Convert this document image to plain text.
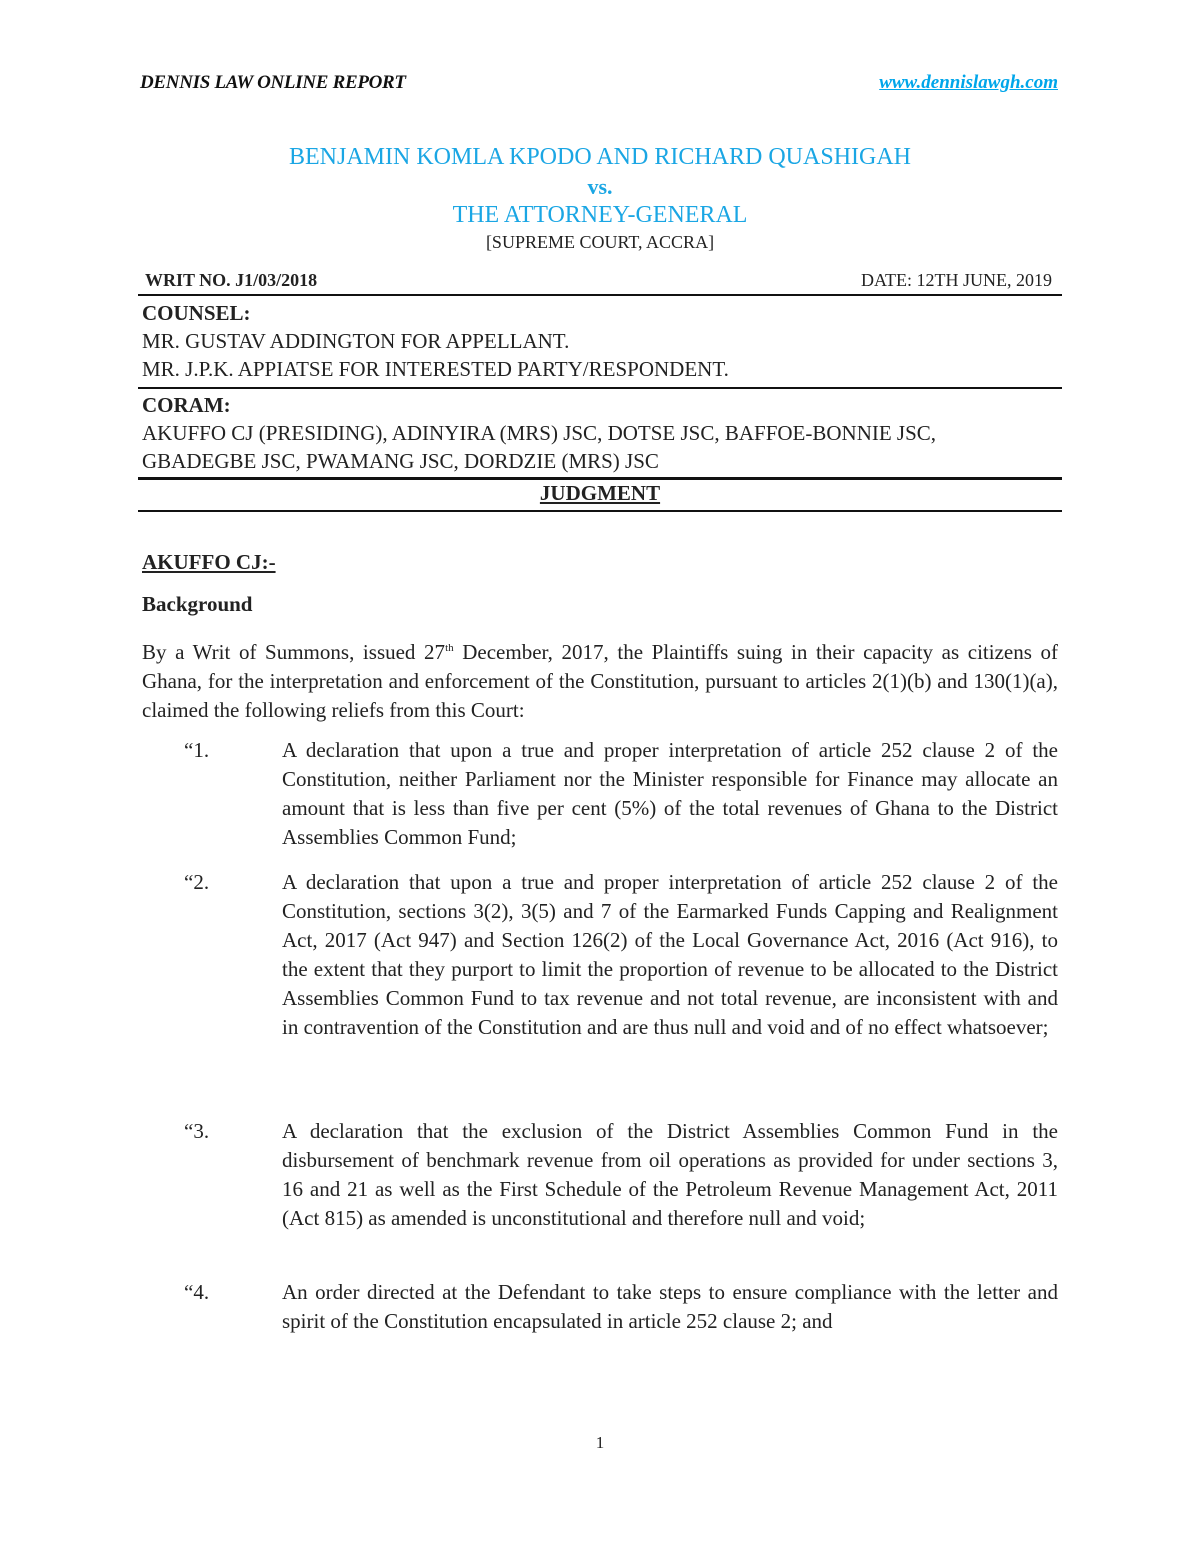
DENNIS LAW ONLINE REPORT	www.dennislawgh.com
BENJAMIN KOMLA KPODO AND RICHARD QUASHIGAH
vs.
THE ATTORNEY-GENERAL
[SUPREME COURT, ACCRA]
WRIT NO. J1/03/2018	DATE: 12TH JUNE, 2019
COUNSEL:
MR. GUSTAV ADDINGTON FOR APPELLANT.
MR. J.P.K. APPIATSE FOR INTERESTED PARTY/RESPONDENT.
CORAM:
AKUFFO CJ (PRESIDING), ADINYIRA (MRS) JSC, DOTSE JSC, BAFFOE-BONNIE JSC,
GBADEGBE JSC, PWAMANG JSC, DORDZIE (MRS) JSC
JUDGMENT
AKUFFO CJ:-
Background
By a Writ of Summons, issued 27th December, 2017, the Plaintiffs suing in their capacity as citizens of Ghana, for the interpretation and enforcement of the Constitution, pursuant to articles 2(1)(b) and 130(1)(a), claimed the following reliefs from this Court:
“1.	A declaration that upon a true and proper interpretation of article 252 clause 2 of the Constitution, neither Parliament nor the Minister responsible for Finance may allocate an amount that is less than five per cent (5%) of the total revenues of Ghana to the District Assemblies Common Fund;
“2.	A declaration that upon a true and proper interpretation of article 252 clause 2 of the Constitution, sections 3(2), 3(5) and 7 of the Earmarked Funds Capping and Realignment Act, 2017 (Act 947) and Section 126(2) of the Local Governance Act, 2016 (Act 916), to the extent that they purport to limit the proportion of revenue to be allocated to the District Assemblies Common Fund to tax revenue and not total revenue, are inconsistent with and in contravention of the Constitution and are thus null and void and of no effect whatsoever;
“3.	A declaration that the exclusion of the District Assemblies Common Fund in the disbursement of benchmark revenue from oil operations as provided for under sections 3, 16 and 21 as well as the First Schedule of the Petroleum Revenue Management Act, 2011 (Act 815) as amended is unconstitutional and therefore null and void;
“4.	An order directed at the Defendant to take steps to ensure compliance with the letter and spirit of the Constitution encapsulated in article 252 clause 2; and
1
